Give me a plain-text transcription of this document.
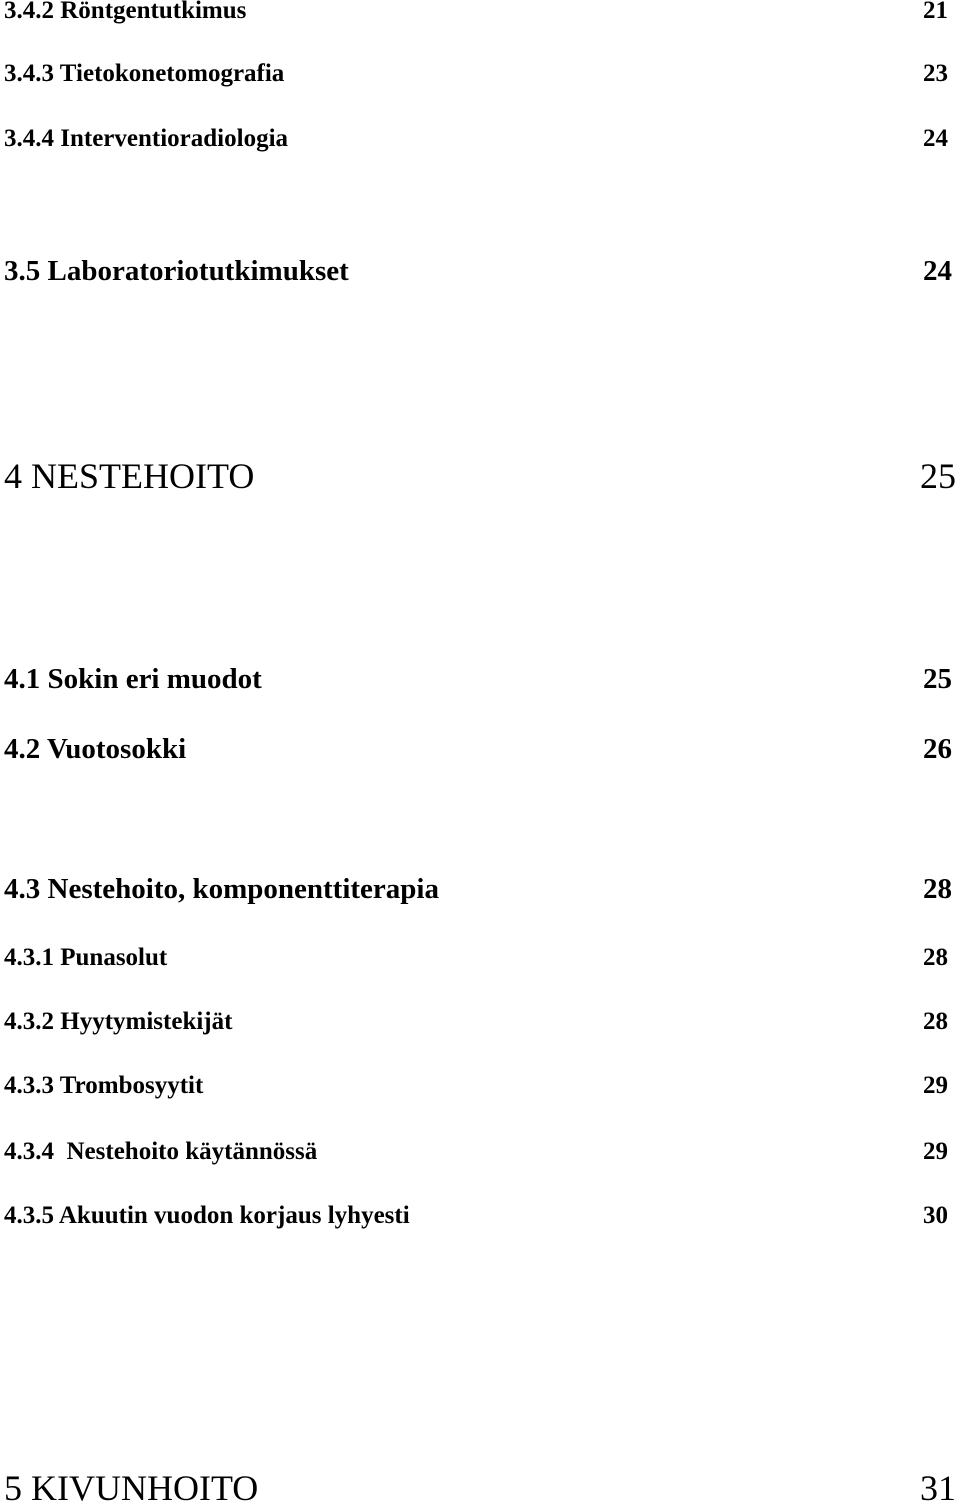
3.4.2 Röntgentutkimus	21
3.4.3 Tietokonetomografia	23
3.4.4 Interventioradiologia	24
3.5 Laboratoriotutkimukset	24
4 NESTEHOITO	25
4.1 Sokin eri muodot	25
4.2 Vuotosokki	26
4.3 Nestehoito, komponenttiterapia	28
4.3.1 Punasolut	28
4.3.2 Hyytymistekijät	28
4.3.3 Trombosyytit	29
4.3.4  Nestehoito käytännössä	29
4.3.5 Akuutin vuodon korjaus lyhyesti	30
5 KIVUNHOITO	31
